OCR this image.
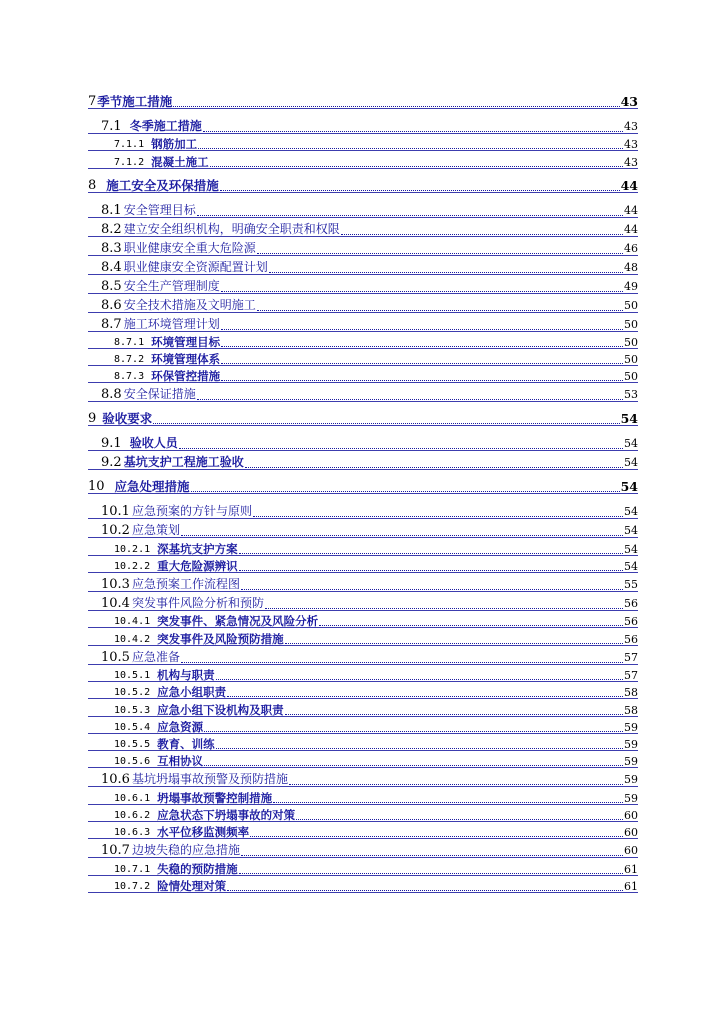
7 季节施工措施	43
7.1 冬季施工措施	43
7.1.1 钢筋加工	43
7.1.2 混凝土施工	43
8 施工安全及环保措施	44
8.1 安全管理目标	44
8.2 建立安全组织机构，明确安全职责和权限	44
8.3 职业健康安全重大危险源	46
8.4 职业健康安全资源配置计划	48
8.5 安全生产管理制度	49
8.6 安全技术措施及文明施工	50
8.7 施工环境管理计划	50
8.7.1 环境管理目标	50
8.7.2 环境管理体系	50
8.7.3 环保管控措施	50
8.8 安全保证措施	53
9 验收要求	54
9.1 验收人员	54
9.2 基坑支护工程施工验收	54
10 应急处理措施	54
10.1 应急预案的方针与原则	54
10.2 应急策划	54
10.2.1 深基坑支护方案	54
10.2.2 重大危险源辨识	54
10.3 应急预案工作流程图	55
10.4 突发事件风险分析和预防	56
10.4.1 突发事件、紧急情况及风险分析	56
10.4.2 突发事件及风险预防措施	56
10.5 应急准备	57
10.5.1 机构与职责	57
10.5.2 应急小组职责	58
10.5.3 应急小组下设机构及职责	58
10.5.4 应急资源	59
10.5.5 教育、训练	59
10.5.6 互相协议	59
10.6 基坑坍塌事故预警及预防措施	59
10.6.1 坍塌事故预警控制措施	59
10.6.2 应急状态下坍塌事故的对策	60
10.6.3 水平位移监测频率	60
10.7 边坡失稳的应急措施	60
10.7.1 失稳的预防措施	61
10.7.2 险情处理对策	61
